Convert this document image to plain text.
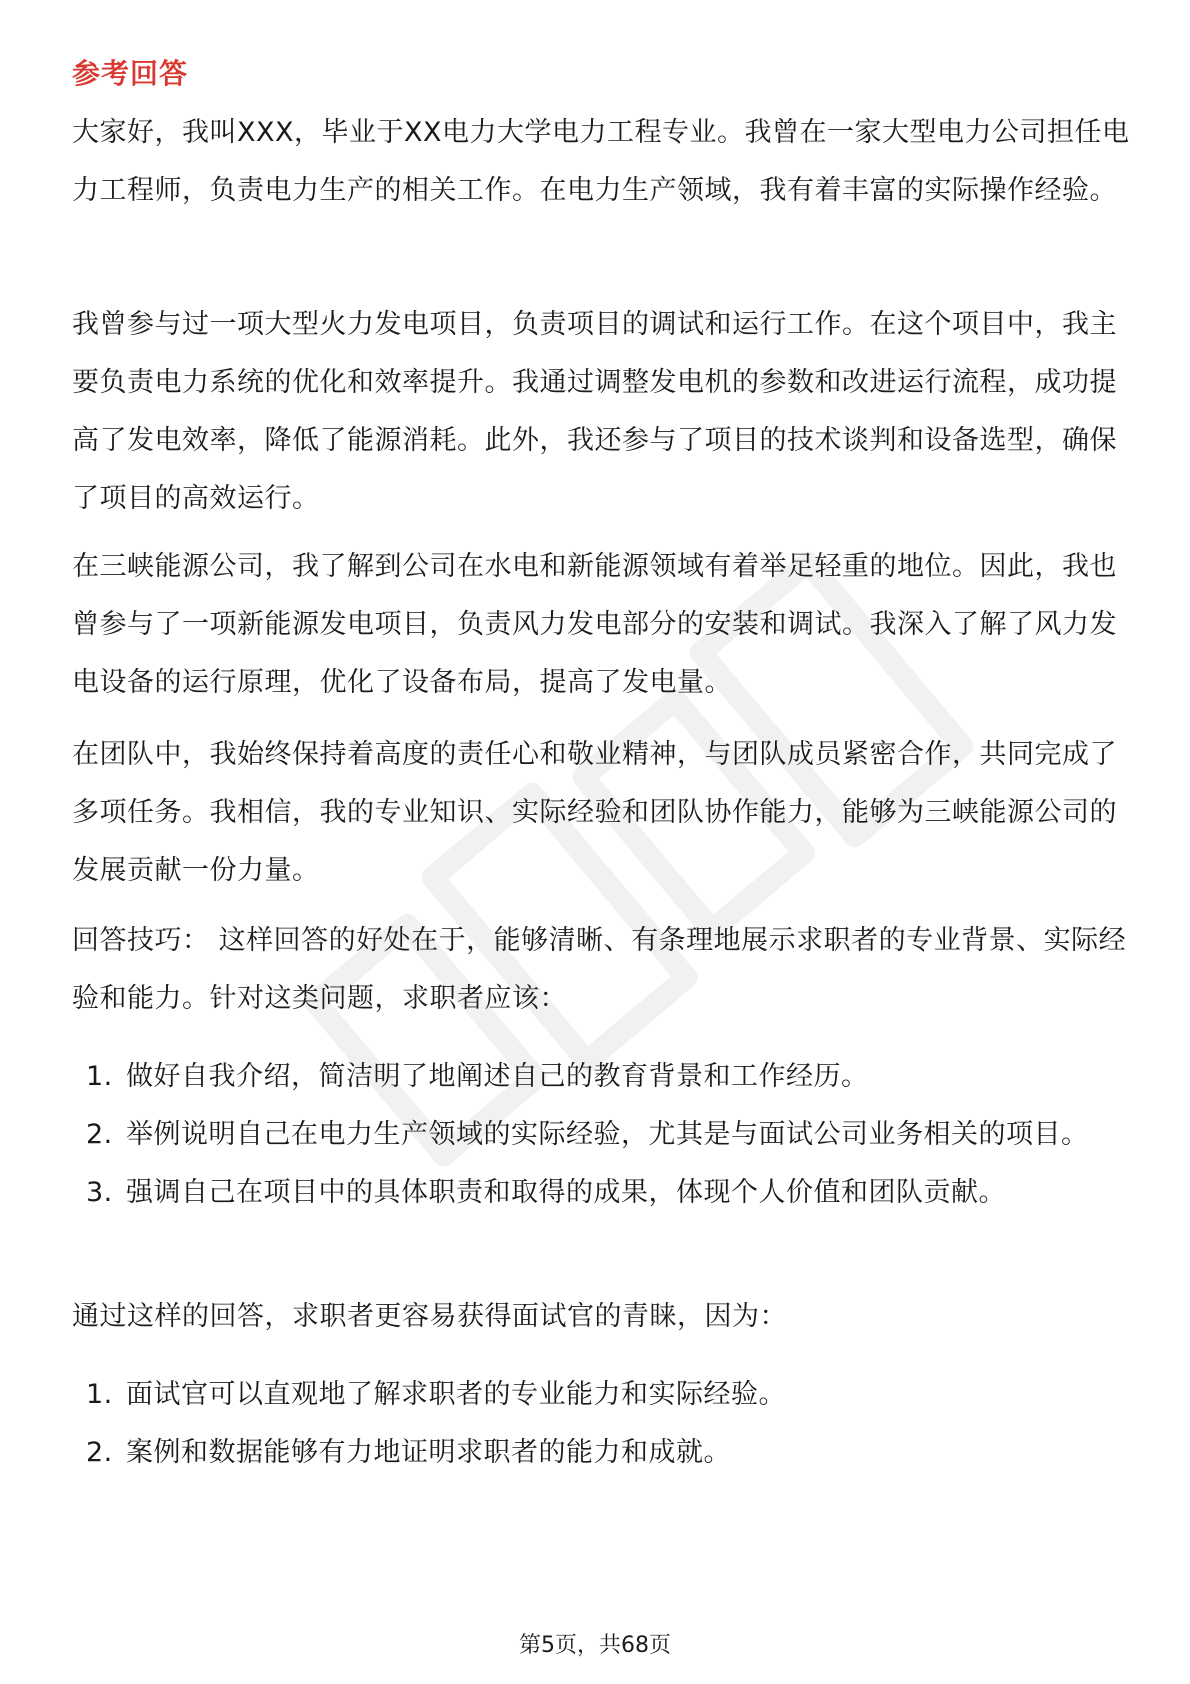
参考回答

大家好，我叫XXX，毕业于XX电力大学电力工程专业。我曾在一家大型电力公司担任电力工程师，负责电力生产的相关工作。在电力生产领域，我有着丰富的实际操作经验。

我曾参与过一项大型火力发电项目，负责项目的调试和运行工作。在这个项目中，我主要负责电力系统的优化和效率提升。我通过调整发电机的参数和改进运行流程，成功提高了发电效率，降低了能源消耗。此外，我还参与了项目的技术谈判和设备选型，确保了项目的高效运行。

在三峡能源公司，我了解到公司在水电和新能源领域有着举足轻重的地位。因此，我也曾参与了一项新能源发电项目，负责风力发电部分的安装和调试。我深入了解了风力发电设备的运行原理，优化了设备布局，提高了发电量。

在团队中，我始终保持着高度的责任心和敬业精神，与团队成员紧密合作，共同完成了多项任务。我相信，我的专业知识、实际经验和团队协作能力，能够为三峡能源公司的发展贡献一份力量。

回答技巧： 这样回答的好处在于，能够清晰、有条理地展示求职者的专业背景、实际经验和能力。针对这类问题，求职者应该：

1. 做好自我介绍，简洁明了地阐述自己的教育背景和工作经历。
2. 举例说明自己在电力生产领域的实际经验，尤其是与面试公司业务相关的项目。
3. 强调自己在项目中的具体职责和取得的成果，体现个人价值和团队贡献。

通过这样的回答，求职者更容易获得面试官的青睐，因为：

1. 面试官可以直观地了解求职者的专业能力和实际经验。
2. 案例和数据能够有力地证明求职者的能力和成就。
第5页，共68页
